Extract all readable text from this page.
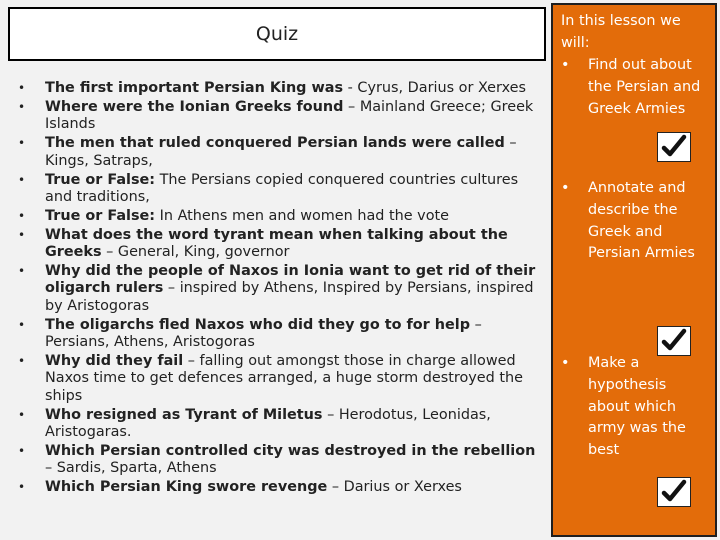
Quiz
• The first important Persian King was - Cyrus, Darius or Xerxes
• Where were the Ionian Greeks found – Mainland Greece; Greek Islands
• The men that ruled conquered Persian lands were called – Kings, Satraps,
• True or False: The Persians copied conquered countries cultures and traditions,
• True or False: In Athens men and women had the vote
• What does the word tyrant mean when talking about the Greeks – General, King, governor
• Why did the people of Naxos in Ionia want to get rid of their oligarch rulers – inspired by Athens, Inspired by Persians, inspired by Aristogoras
• The oligarchs fled Naxos who did they go to for help – Persians, Athens, Aristogoras
• Why did they fail – falling out amongst those in charge allowed Naxos time to get defences arranged, a huge storm destroyed the ships
• Who resigned as Tyrant of Miletus – Herodotus, Leonidas, Aristogaras.
• Which Persian controlled city was destroyed in the rebellion – Sardis, Sparta, Athens
• Which Persian King swore revenge – Darius or Xerxes
In this lesson we will:
•	Find out about the Persian and Greek Armies
•	Annotate and describe the Greek and Persian Armies
•	Make a hypothesis about which army was the best
